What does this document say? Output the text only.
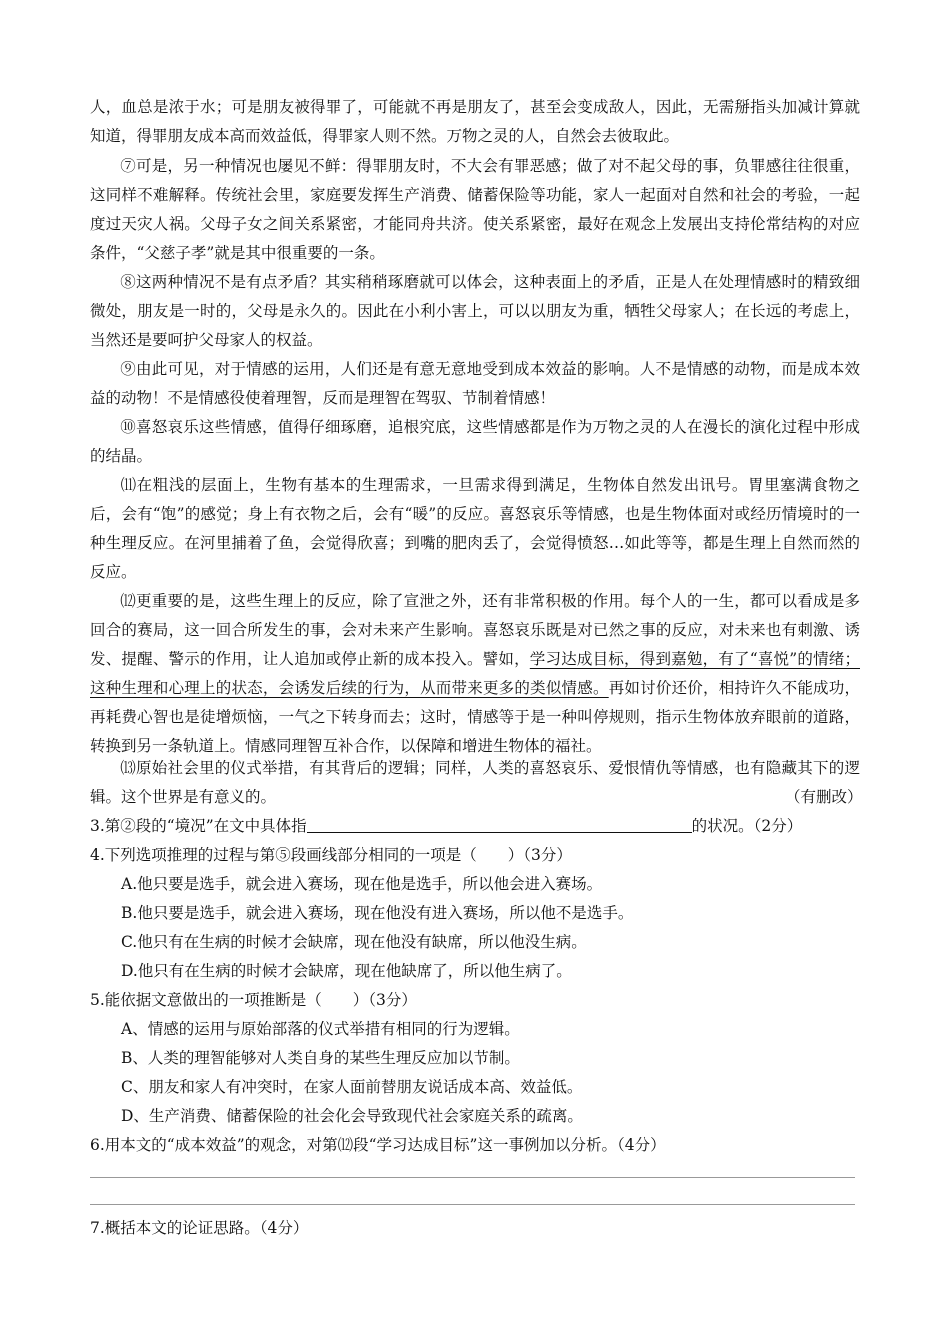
人，血总是浓于水；可是朋友被得罪了，可能就不再是朋友了，甚至会变成敌人，因此，无需掰指头加减计算就知道，得罪朋友成本高而效益低，得罪家人则不然。万物之灵的人，自然会去彼取此。

⑦可是，另一种情况也屡见不鲜：得罪朋友时，不大会有罪恶感；做了对不起父母的事，负罪感往往很重，这同样不难解释。传统社会里，家庭要发挥生产消费、储蓄保险等功能，家人一起面对自然和社会的考验，一起度过天灾人祸。父母子女之间关系紧密，才能同舟共济。使关系紧密，最好在观念上发展出支持伦常结构的对应条件，“父慈子孝”就是其中很重要的一条。

⑧这两种情况不是有点矛盾？其实稍稍琢磨就可以体会，这种表面上的矛盾，正是人在处理情感时的精致细微处，朋友是一时的，父母是永久的。因此在小利小害上，可以以朋友为重，牺牲父母家人；在长远的考虑上，当然还是要呵护父母家人的权益。

⑨由此可见，对于情感的运用，人们还是有意无意地受到成本效益的影响。人不是情感的动物，而是成本效益的动物！不是情感役使着理智，反而是理智在驾驭、节制着情感！

⑩喜怒哀乐这些情感，值得仔细琢磨，追根究底，这些情感都是作为万物之灵的人在漫长的演化过程中形成的结晶。

⑾在粗浅的层面上，生物有基本的生理需求，一旦需求得到满足，生物体自然发出讯号。胃里塞满食物之后，会有“饱”的感觉；身上有衣物之后，会有“暖”的反应。喜怒哀乐等情感，也是生物体面对或经历情境时的一种生理反应。在河里捕着了鱼，会觉得欣喜；到嘴的肥肉丢了，会觉得愤怒…如此等等，都是生理上自然而然的反应。

⑿更重要的是，这些生理上的反应，除了宣泄之外，还有非常积极的作用。每个人的一生，都可以看成是多回合的赛局，这一回合所发生的事，会对未来产生影响。喜怒哀乐既是对已然之事的反应，对未来也有刺激、诱发、提醒、警示的作用，让人追加或停止新的成本投入。譬如，学习达成目标，得到嘉勉，有了“喜悦”的情绪；这种生理和心理上的状态，会诱发后续的行为，从而带来更多的类似情感。再如讨价还价，相持许久不能成功，再耗费心智也是徒增烦恼，一气之下转身而去；这时，情感等于是一种叫停规则，指示生物体放弃眼前的道路，转换到另一条轨道上。情感同理智互补合作，以保障和增进生物体的福社。

⒀原始社会里的仪式举措，有其背后的逻辑；同样，人类的喜怒哀乐、爱恨情仇等情感，也有隐藏其下的逻辑。这个世界是有意义的。	（有删改）
3.第②段的“境况”在文中具体指	的状况。（2分）
4.下列选项推理的过程与第⑤段画线部分相同的一项是（　　）（3分）
A.他只要是选手，就会进入赛场，现在他是选手，所以他会进入赛场。
B.他只要是选手，就会进入赛场，现在他没有进入赛场，所以他不是选手。
C.他只有在生病的时候才会缺席，现在他没有缺席，所以他没生病。
D.他只有在生病的时候才会缺席，现在他缺席了，所以他生病了。
5.能依据文意做出的一项推断是（　　）（3分）
A、情感的运用与原始部落的仪式举措有相同的行为逻辑。
B、人类的理智能够对人类自身的某些生理反应加以节制。
C、朋友和家人有冲突时，在家人面前替朋友说话成本高、效益低。
D、生产消费、储蓄保险的社会化会导致现代社会家庭关系的疏离。
6.用本文的“成本效益”的观念，对第⑿段“学习达成目标”这一事例加以分析。（4分）
7.概括本文的论证思路。（4分）
